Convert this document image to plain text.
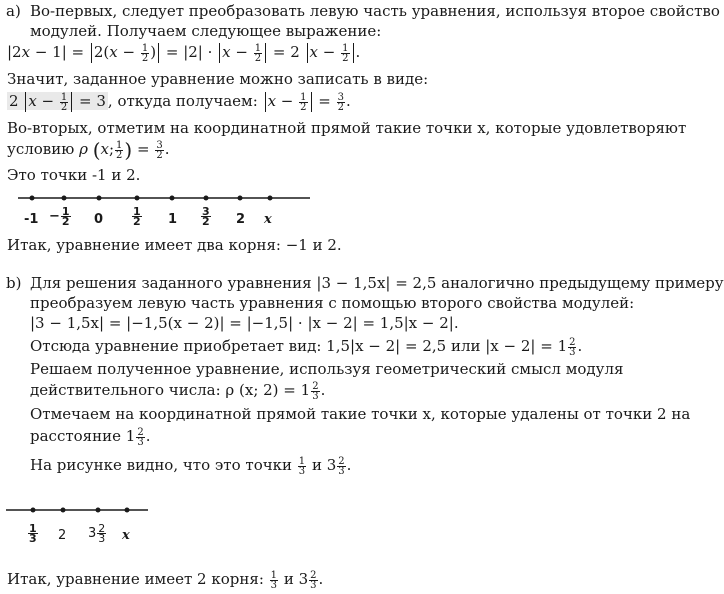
a) Во-первых, следует преобразовать левую часть уравнения, используя второе свойство
модулей. Получаем следующее выражение:
$|2x - 1| = 2(x - \frac{1}{2}$ ) = $|2| \cdot x - \frac{1}{2} = 2$ $x - \frac{1}{2}$ .
Значит, заданное уравнение можно записать в виде:
2 $x - \frac{1}{2} = 3$ , откуда получаем: $x - \frac{1}{2} = \frac{3}{2}$ .
Во-вторых, отметим на координатной прямой такие точки x, которые удовлетворяют
условию ρ (x; $\frac{1}{2}$ ) = $\frac{3}{2}$ .
Это точки -1 и 2.
$-1 - \frac{1}{2} 0$	$\frac{1}{2} 1 \frac{3}{2} 2$ x
Итак, уравнение имеет два корня: −1 и 2.
b) Для решения заданного уравнения |3 − 1,5x| = 2,5 аналогично предыдущему примеру
преобразуем левую часть уравнения с помощью второго свойства модулей:
|3 − 1,5x| = |−1,5(x − 2)| = |−1,5| · |x − 2| = 1,5|x − 2|.
Отсюда уравнение приобретает вид: 1,5|x − 2| = 2,5 или $|x - 2| = 1 \frac{2}{3}$ .
Решаем полученное уравнение, используя геометрический смысл модуля
действительного числа: ρ (x; $2) = 1 \frac{2}{3}$ .
Отмечаем на координатной прямой такие точки x, которые удалены от точки 2 на
расстояние $1 \frac{2}{3}$ .
На рисунке видно, что это точки $\frac{1}{3}$ и $3 \frac{2}{3}$ .
$\frac{1}{3} 2$ $3 \frac{2}{3}$ x
Итак, уравнение имеет 2 корня: $\frac{1}{3}$ и $3 \frac{2}{3}$ .
